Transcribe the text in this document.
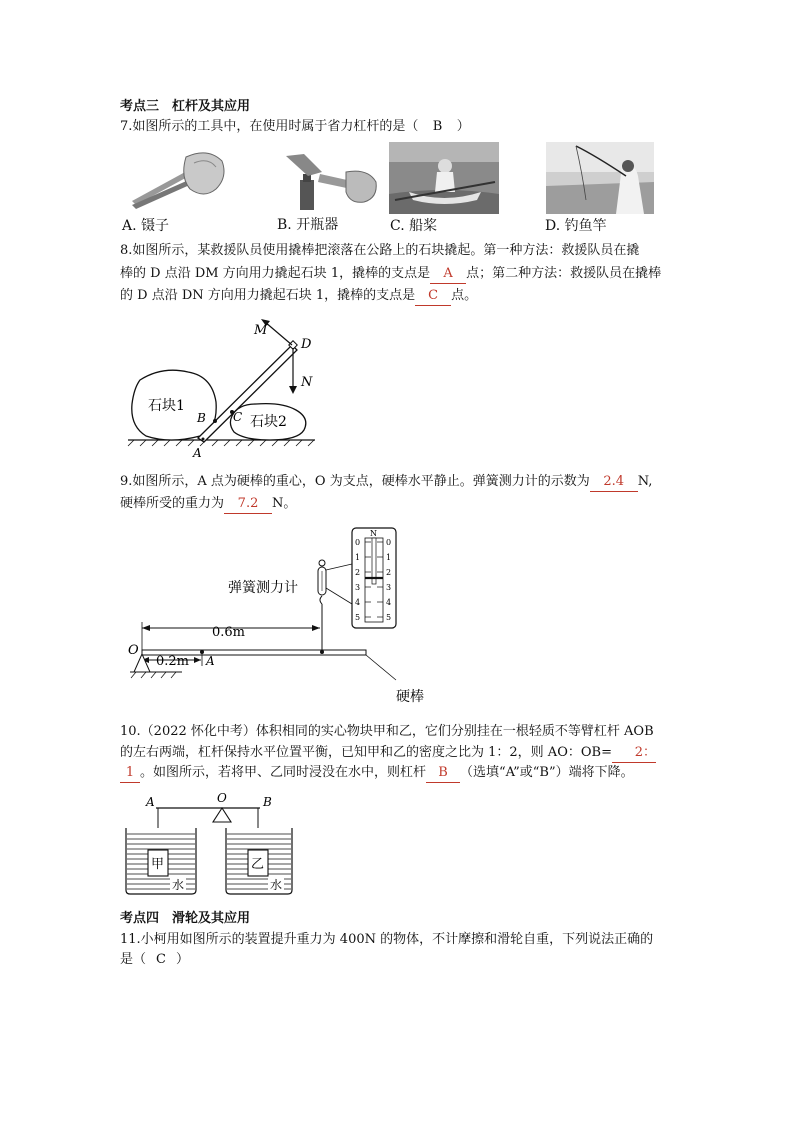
考点三　杠杆及其应用
7.如图所示的工具中，在使用时属于省力杠杆的是（ B ）
A. 镊子	B. 开瓶器	C. 船桨	D. 钓鱼竿
8.如图所示，某救援队员使用撬棒把滚落在公路上的石块撬起。第一种方法：救援队员在撬
棒的 D 点沿 DM 方向用力撬起石块 1，撬棒的支点是 A 点；第二种方法：救援队员在撬棒
的 D 点沿 DN 方向用力撬起石块 1，撬棒的支点是 C 点。
M
D
N
B C
A
石块1
石块2
9.如图所示，A 点为硬棒的重心，O 为支点，硬棒水平静止。弹簧测力计的示数为 2.4 N,
硬棒所受的重力为 7.2 N。
N
0
1
2
3
4
5
0
1
2
3
4
5
弹簧测力计
0.6m
0.2m A
O
硬棒
10.（2022 怀化中考）体积相同的实心物块甲和乙，它们分别挂在一根轻质不等臂杠杆 AOB
的左右两端，杠杆保持水平位置平衡，已知甲和乙的密度之比为 1：2，则 AO：OB= 2：
1 。如图所示，若将甲、乙同时浸没在水中，则杠杆 B （选填“A”或“B”）端将下降。
A	O	B
甲
水
乙
水
考点四　滑轮及其应用
11.小柯用如图所示的装置提升重力为 400N 的物体，不计摩擦和滑轮自重，下列说法正确的
是（ C ）
